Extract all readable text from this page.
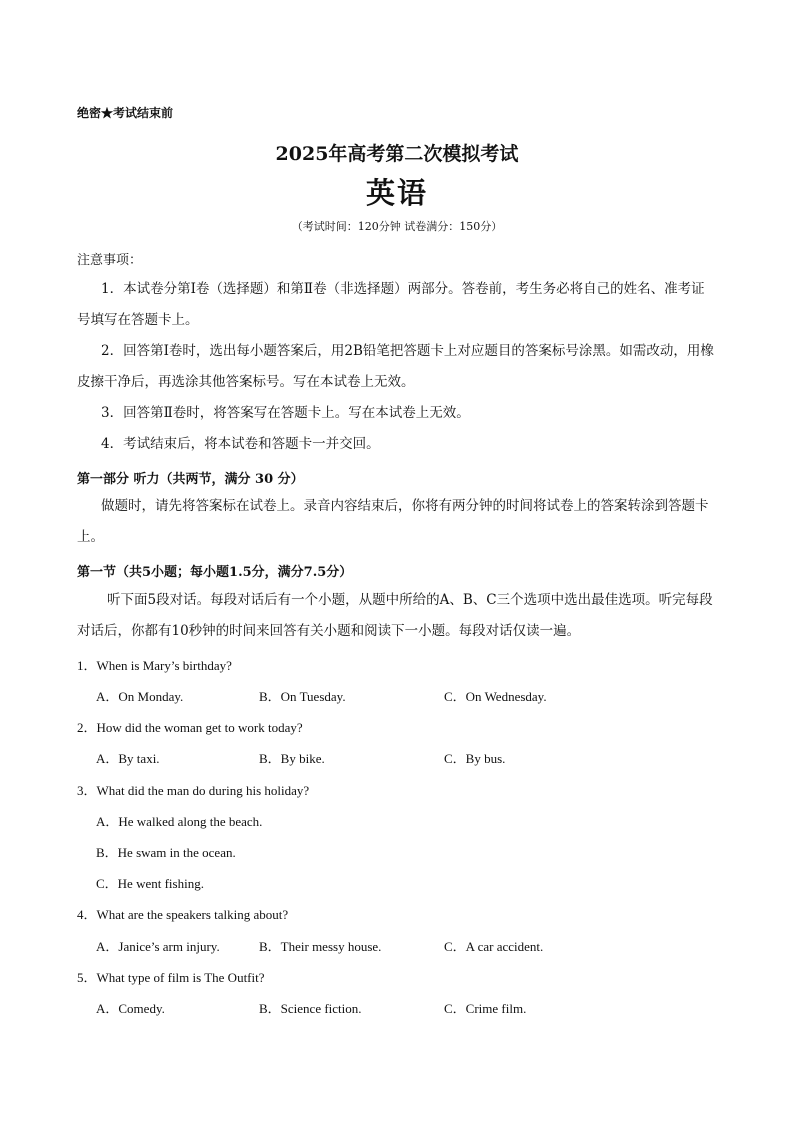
绝密★考试结束前
2025年高考第二次模拟考试
英语
（考试时间：120分钟 试卷满分：150分）
注意事项：
1．本试卷分第Ⅰ卷（选择题）和第Ⅱ卷（非选择题）两部分。答卷前，考生务必将自己的姓名、准考证号填写在答题卡上。
2．回答第Ⅰ卷时，选出每小题答案后，用2B铅笔把答题卡上对应题目的答案标号涂黑。如需改动，用橡皮擦干净后，再选涂其他答案标号。写在本试卷上无效。
3．回答第Ⅱ卷时，将答案写在答题卡上。写在本试卷上无效。
4．考试结束后，将本试卷和答题卡一并交回。
第一部分 听力（共两节，满分 30 分）
做题时，请先将答案标在试卷上。录音内容结束后，你将有两分钟的时间将试卷上的答案转涂到答题卡上。
第一节（共5小题；每小题1.5分，满分7.5分）
听下面5段对话。每段对话后有一个小题，从题中所给的A、B、C三个选项中选出最佳选项。听完每段对话后，你都有10秒钟的时间来回答有关小题和阅读下一小题。每段对话仅读一遍。
1．When is Mary’s birthday?
A．On Monday.	B．On Tuesday.	C．On Wednesday.
2．How did the woman get to work today?
A．By taxi.	B．By bike.	C．By bus.
3．What did the man do during his holiday?
A．He walked along the beach.
B．He swam in the ocean.
C．He went fishing.
4．What are the speakers talking about?
A．Janice’s arm injury.	B．Their messy house.	C．A car accident.
5．What type of film is The Outfit?
A．Comedy.	B．Science fiction.	C．Crime film.
